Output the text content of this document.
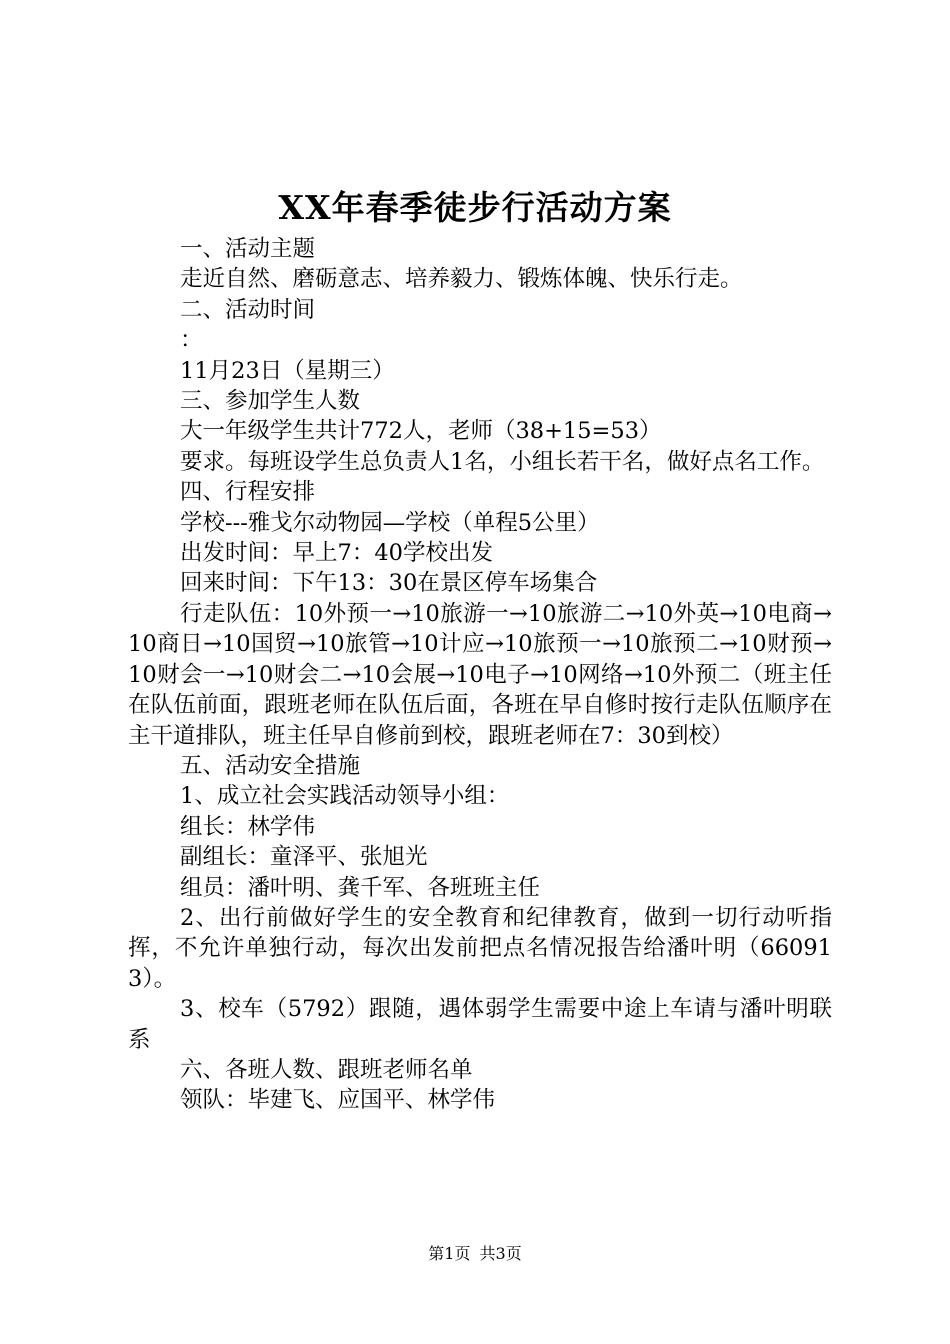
XX年春季徒步行活动方案

一、活动主题

走近自然、磨砺意志、培养毅力、锻炼体魄、快乐行走。

二、活动时间

：

11月23日（星期三）

三、参加学生人数

大一年级学生共计772人，老师（38+15=53）

要求。每班设学生总负责人1名，小组长若干名，做好点名工作。

四、行程安排

学校---雅戈尔动物园—学校（单程5公里）

出发时间：早上7：40学校出发

回来时间：下午13：30在景区停车场集合

行走队伍：10外预一→10旅游一→10旅游二→10外英→10电商→10商日→10国贸→10旅管→10计应→10旅预一→10旅预二→10财预→10财会一→10财会二→10会展→10电子→10网络→10外预二（班主任在队伍前面，跟班老师在队伍后面，各班在早自修时按行走队伍顺序在主干道排队，班主任早自修前到校，跟班老师在7：30到校）

五、活动安全措施

1、成立社会实践活动领导小组：

组长：林学伟

副组长：童泽平、张旭光

组员：潘叶明、龚千军、各班班主任

2、出行前做好学生的安全教育和纪律教育，做到一切行动听指挥，不允许单独行动，每次出发前把点名情况报告给潘叶明（660913）。

3、校车（5792）跟随，遇体弱学生需要中途上车请与潘叶明联系

六、各班人数、跟班老师名单

领队：毕建飞、应国平、林学伟

第1页 共3页
